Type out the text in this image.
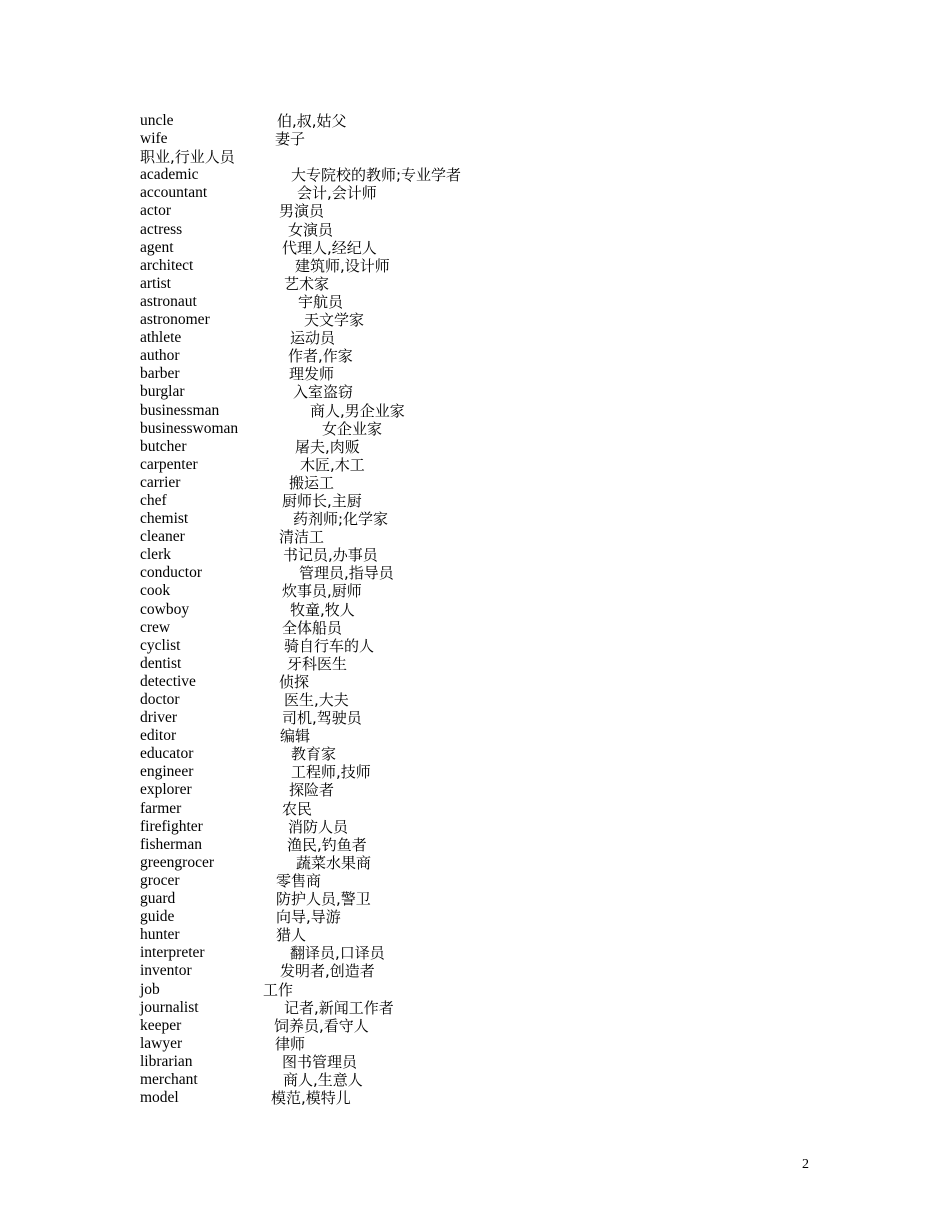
uncle	伯,叔,姑父
wife	妻子
职业,行业人员
academic	大专院校的教师;专业学者
accountant	会计,会计师
actor	男演员
actress	女演员
agent	代理人,经纪人
architect	建筑师,设计师
artist	艺术家
astronaut	宇航员
astronomer	天文学家
athlete	运动员
author	作者,作家
barber	理发师
burglar	入室盗窃
businessman	商人,男企业家
businesswoman	女企业家
butcher	屠夫,肉贩
carpenter	木匠,木工
carrier	搬运工
chef	厨师长,主厨
chemist	药剂师;化学家
cleaner	清洁工
clerk	书记员,办事员
conductor	管理员,指导员
cook	炊事员,厨师
cowboy	牧童,牧人
crew	全体船员
cyclist	骑自行车的人
dentist	牙科医生
detective	侦探
doctor	医生,大夫
driver	司机,驾驶员
editor	编辑
educator	教育家
engineer	工程师,技师
explorer	探险者
farmer	农民
firefighter	消防人员
fisherman	渔民,钓鱼者
greengrocer	蔬菜水果商
grocer	零售商
guard	防护人员,警卫
guide	向导,导游
hunter	猎人
interpreter	翻译员,口译员
inventor	发明者,创造者
job	工作
journalist	记者,新闻工作者
keeper	饲养员,看守人
lawyer	律师
librarian	图书管理员
merchant	商人,生意人
model	模范,模特儿
2
